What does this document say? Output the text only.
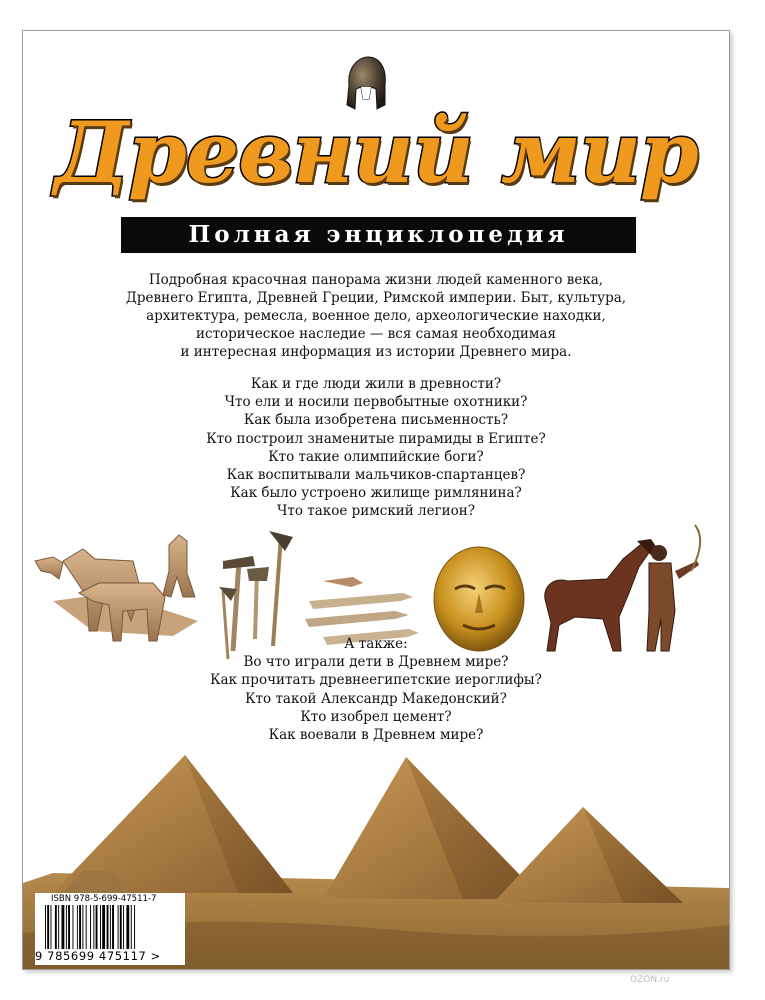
Древний мир
Полная энциклопедия

Подробная красочная панорама жизни людей каменного века,

Древнего Египта, Древней Греции, Римской империи. Быт, культура,

архитектура, ремесла, военное дело, археологические находки,

историческое наследие — вся самая необходимая

и интересная информация из истории Древнего мира.

Как и где люди жили в древности?

Что ели и носили первобытные охотники?

Как была изобретена письменность?

Кто построил знаменитые пирамиды в Египте?

Кто такие олимпийские боги?

Как воспитывали мальчиков-спартанцев?

Как было устроено жилище римлянина?

Что такое римский легион?

А также:

Во что играли дети в Древнем мире?

Как прочитать древнеегипетские иероглифы?

Кто такой Александр Македонский?

Кто изобрел цемент?

Как воевали в Древнем мире?

ISBN 978-5-699-47511-7
9 785699 475117 >
OZON.ru
